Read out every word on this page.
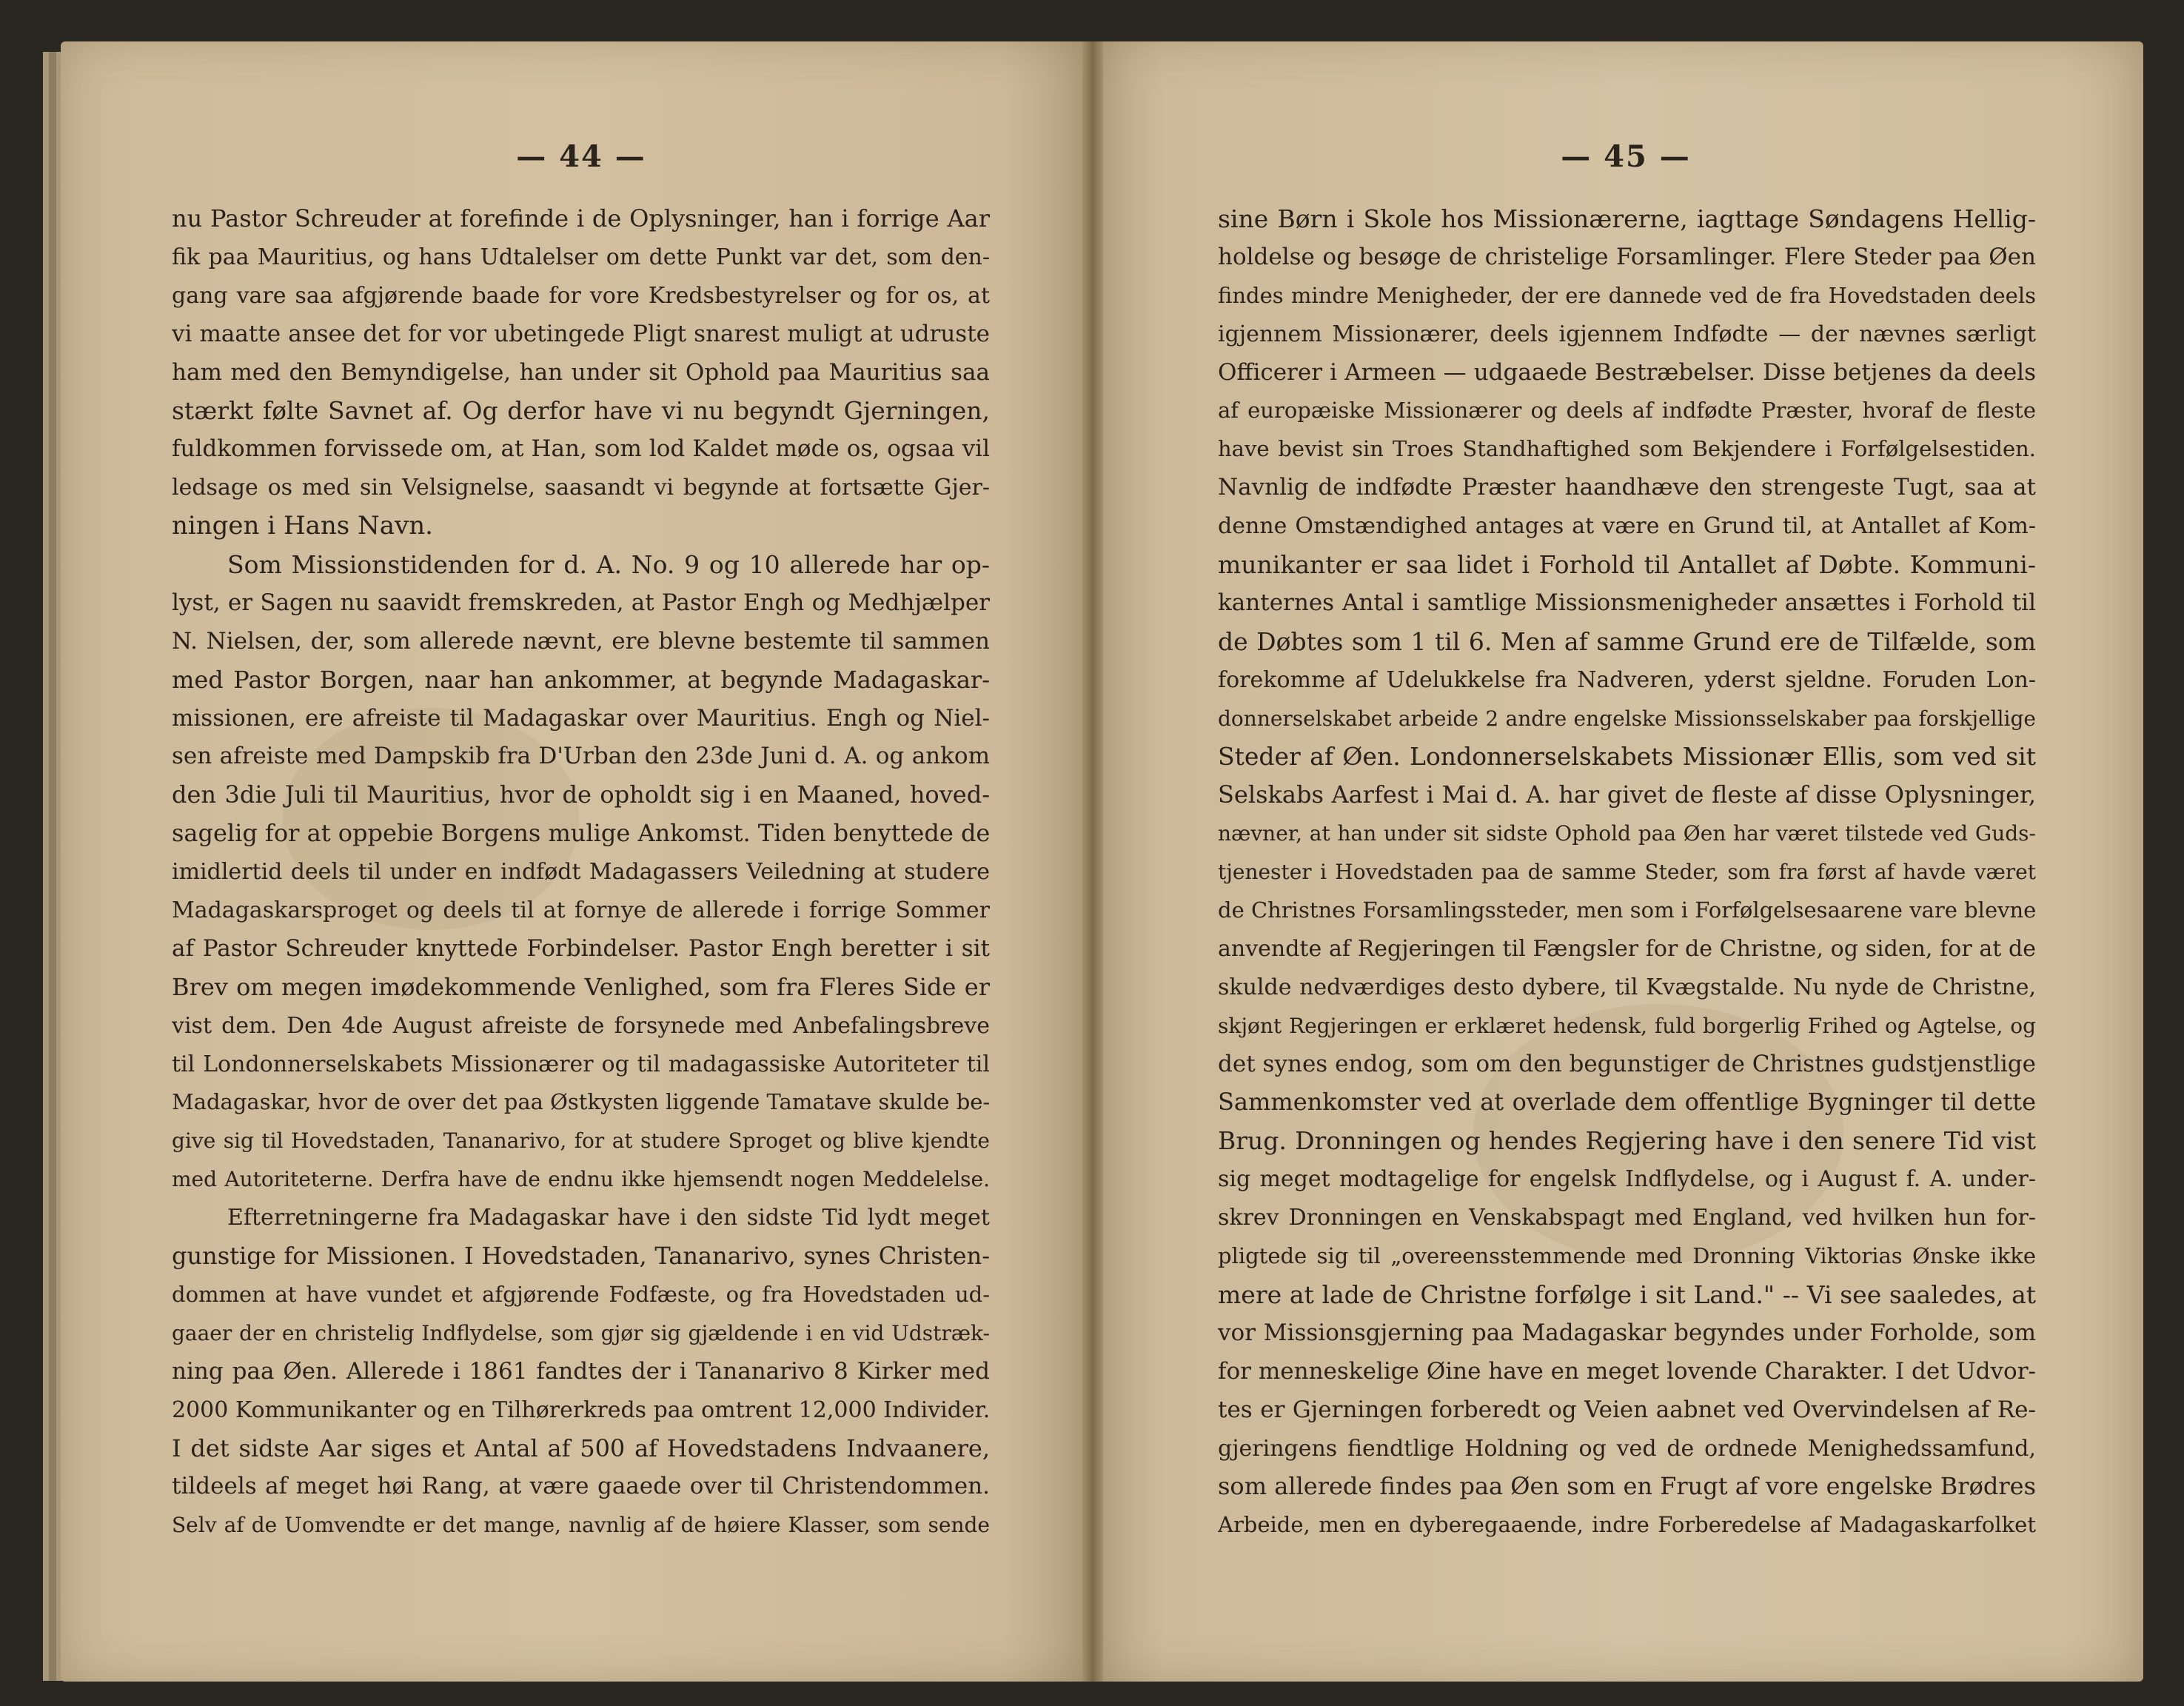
— 44 —	— 45 —
nu Pastor Schreuder at forefinde i de Oplysninger, han i forrige Aar
fik paa Mauritius, og hans Udtalelser om dette Punkt var det, som den-
gang vare saa afgjørende baade for vore Kredsbestyrelser og for os, at
vi maatte ansee det for vor ubetingede Pligt snarest muligt at udruste
ham med den Bemyndigelse, han under sit Ophold paa Mauritius saa
stærkt følte Savnet af. Og derfor have vi nu begyndt Gjerningen,
fuldkommen forvissede om, at Han, som lod Kaldet møde os, ogsaa vil
ledsage os med sin Velsignelse, saasandt vi begynde at fortsætte Gjer-
ningen i Hans Navn.
Som Missionstidenden for d. A. No. 9 og 10 allerede har op-
lyst, er Sagen nu saavidt fremskreden, at Pastor Engh og Medhjælper
N. Nielsen, der, som allerede nævnt, ere blevne bestemte til sammen
med Pastor Borgen, naar han ankommer, at begynde Madagaskar-
missionen, ere afreiste til Madagaskar over Mauritius. Engh og Niel-
sen afreiste med Dampskib fra D'Urban den 23de Juni d. A. og ankom
den 3die Juli til Mauritius, hvor de opholdt sig i en Maaned, hoved-
sagelig for at oppebie Borgens mulige Ankomst. Tiden benyttede de
imidlertid deels til under en indfødt Madagassers Veiledning at studere
Madagaskarsproget og deels til at fornye de allerede i forrige Sommer
af Pastor Schreuder knyttede Forbindelser. Pastor Engh beretter i sit
Brev om megen imødekommende Venlighed, som fra Fleres Side er
vist dem. Den 4de August afreiste de forsynede med Anbefalingsbreve
til Londonnerselskabets Missionærer og til madagassiske Autoriteter til
Madagaskar, hvor de over det paa Østkysten liggende Tamatave skulde be-
give sig til Hovedstaden, Tananarivo, for at studere Sproget og blive kjendte
med Autoriteterne. Derfra have de endnu ikke hjemsendt nogen Meddelelse.
Efterretningerne fra Madagaskar have i den sidste Tid lydt meget
gunstige for Missionen. I Hovedstaden, Tananarivo, synes Christen-
dommen at have vundet et afgjørende Fodfæste, og fra Hovedstaden ud-
gaaer der en christelig Indflydelse, som gjør sig gjældende i en vid Udstræk-
ning paa Øen. Allerede i 1861 fandtes der i Tananarivo 8 Kirker med
2000 Kommunikanter og en Tilhørerkreds paa omtrent 12,000 Individer.
I det sidste Aar siges et Antal af 500 af Hovedstadens Indvaanere,
tildeels af meget høi Rang, at være gaaede over til Christendommen.
Selv af de Uomvendte er det mange, navnlig af de høiere Klasser, som sende
sine Børn i Skole hos Missionærerne, iagttage Søndagens Hellig-
holdelse og besøge de christelige Forsamlinger. Flere Steder paa Øen
findes mindre Menigheder, der ere dannede ved de fra Hovedstaden deels
igjennem Missionærer, deels igjennem Indfødte — der nævnes særligt
Officerer i Armeen — udgaaede Bestræbelser. Disse betjenes da deels
af europæiske Missionærer og deels af indfødte Præster, hvoraf de fleste
have bevist sin Troes Standhaftighed som Bekjendere i Forfølgelsestiden.
Navnlig de indfødte Præster haandhæve den strengeste Tugt, saa at
denne Omstændighed antages at være en Grund til, at Antallet af Kom-
munikanter er saa lidet i Forhold til Antallet af Døbte. Kommuni-
kanternes Antal i samtlige Missionsmenigheder ansættes i Forhold til
de Døbtes som 1 til 6. Men af samme Grund ere de Tilfælde, som
forekomme af Udelukkelse fra Nadveren, yderst sjeldne. Foruden Lon-
donnerselskabet arbeide 2 andre engelske Missionsselskaber paa forskjellige
Steder af Øen. Londonnerselskabets Missionær Ellis, som ved sit
Selskabs Aarfest i Mai d. A. har givet de fleste af disse Oplysninger,
nævner, at han under sit sidste Ophold paa Øen har været tilstede ved Guds-
tjenester i Hovedstaden paa de samme Steder, som fra først af havde været
de Christnes Forsamlingssteder, men som i Forfølgelsesaarene vare blevne
anvendte af Regjeringen til Fængsler for de Christne, og siden, for at de
skulde nedværdiges desto dybere, til Kvægstalde. Nu nyde de Christne,
skjønt Regjeringen er erklæret hedensk, fuld borgerlig Frihed og Agtelse, og
det synes endog, som om den begunstiger de Christnes gudstjenstlige
Sammenkomster ved at overlade dem offentlige Bygninger til dette
Brug. Dronningen og hendes Regjering have i den senere Tid vist
sig meget modtagelige for engelsk Indflydelse, og i August f. A. under-
skrev Dronningen en Venskabspagt med England, ved hvilken hun for-
pligtede sig til „overeensstemmende med Dronning Viktorias Ønske ikke
mere at lade de Christne forfølge i sit Land." -- Vi see saaledes, at
vor Missionsgjerning paa Madagaskar begyndes under Forholde, som
for menneskelige Øine have en meget lovende Charakter. I det Udvor-
tes er Gjerningen forberedt og Veien aabnet ved Overvindelsen af Re-
gjeringens fiendtlige Holdning og ved de ordnede Menighedssamfund,
som allerede findes paa Øen som en Frugt af vore engelske Brødres
Arbeide, men en dyberegaaende, indre Forberedelse af Madagaskarfolket
